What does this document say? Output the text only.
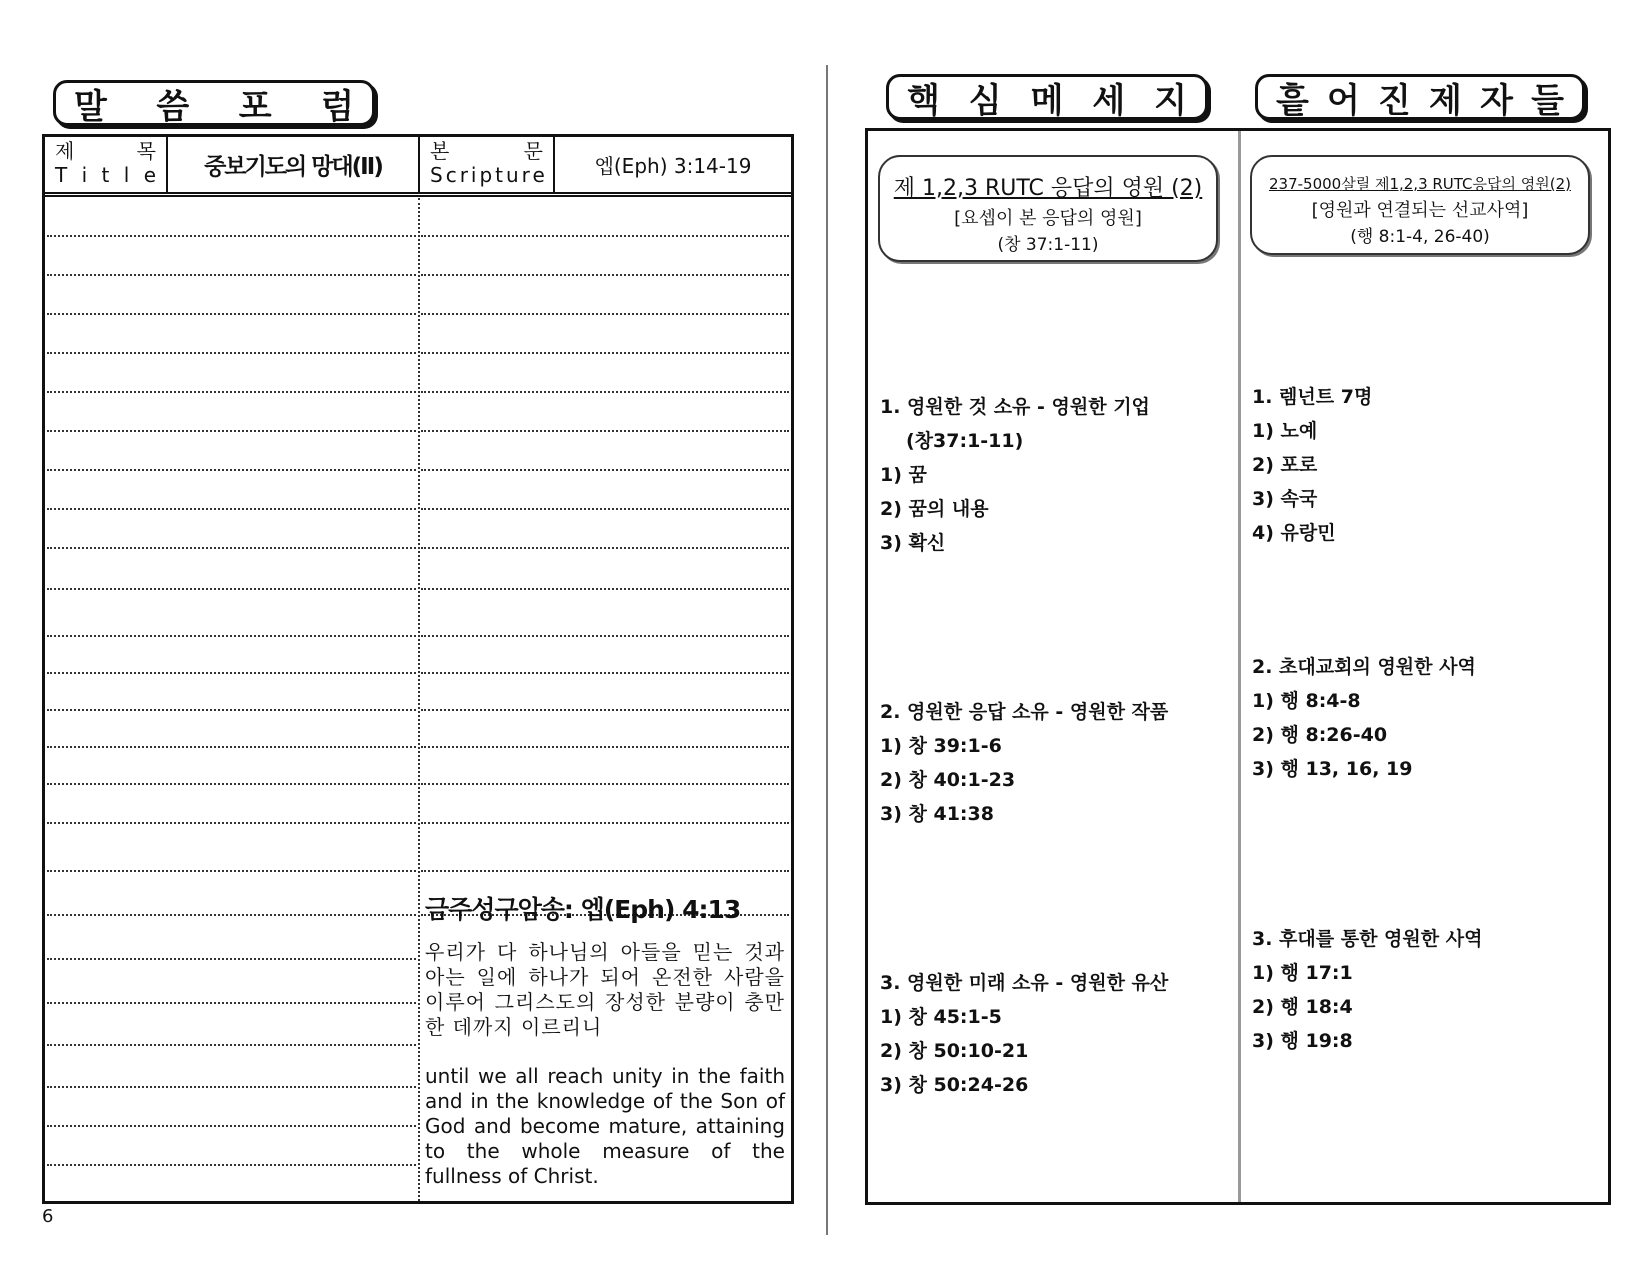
말 씀 포 럼
제	목
T i t l e 중보기도의 망대(Ⅱ)
본	문
Scripture 엡(Eph) 3:14-19
금주성구암송: 엡(Eph) 4:13
우리가 다 하나님의 아들을 믿는 것과 아는 일에 하나가 되어 온전한 사람을 이루어 그리스도의 장성한 분량이 충만한 데까지 이르리니
until we all reach unity in the faith and in the knowledge of the Son of God and become mature, attaining to the whole measure of the fullness of Christ.
6
핵 심 메 세 지	흩 어 진 제 자 들
제 1,2,3 RUTC 응답의 영원 (2)
[요셉이 본 응답의 영원]
(창 37:1-11)
237-5000살릴 제1,2,3 RUTC응답의 영원(2)
[영원과 연결되는 선교사역]
(행 8:1-4, 26-40)
1. 영원한 것 소유 - 영원한 기업
(창37:1-11)
1) 꿈
2) 꿈의 내용
3) 확신
2. 영원한 응답 소유 - 영원한 작품
1) 창 39:1-6
2) 창 40:1-23
3) 창 41:38
3. 영원한 미래 소유 - 영원한 유산
1) 창 45:1-5
2) 창 50:10-21
3) 창 50:24-26
1. 렘넌트 7명
1) 노예
2) 포로
3) 속국
4) 유랑민
2. 초대교회의 영원한 사역
1) 행 8:4-8
2) 행 8:26-40
3) 행 13, 16, 19
3. 후대를 통한 영원한 사역
1) 행 17:1
2) 행 18:4
3) 행 19:8
